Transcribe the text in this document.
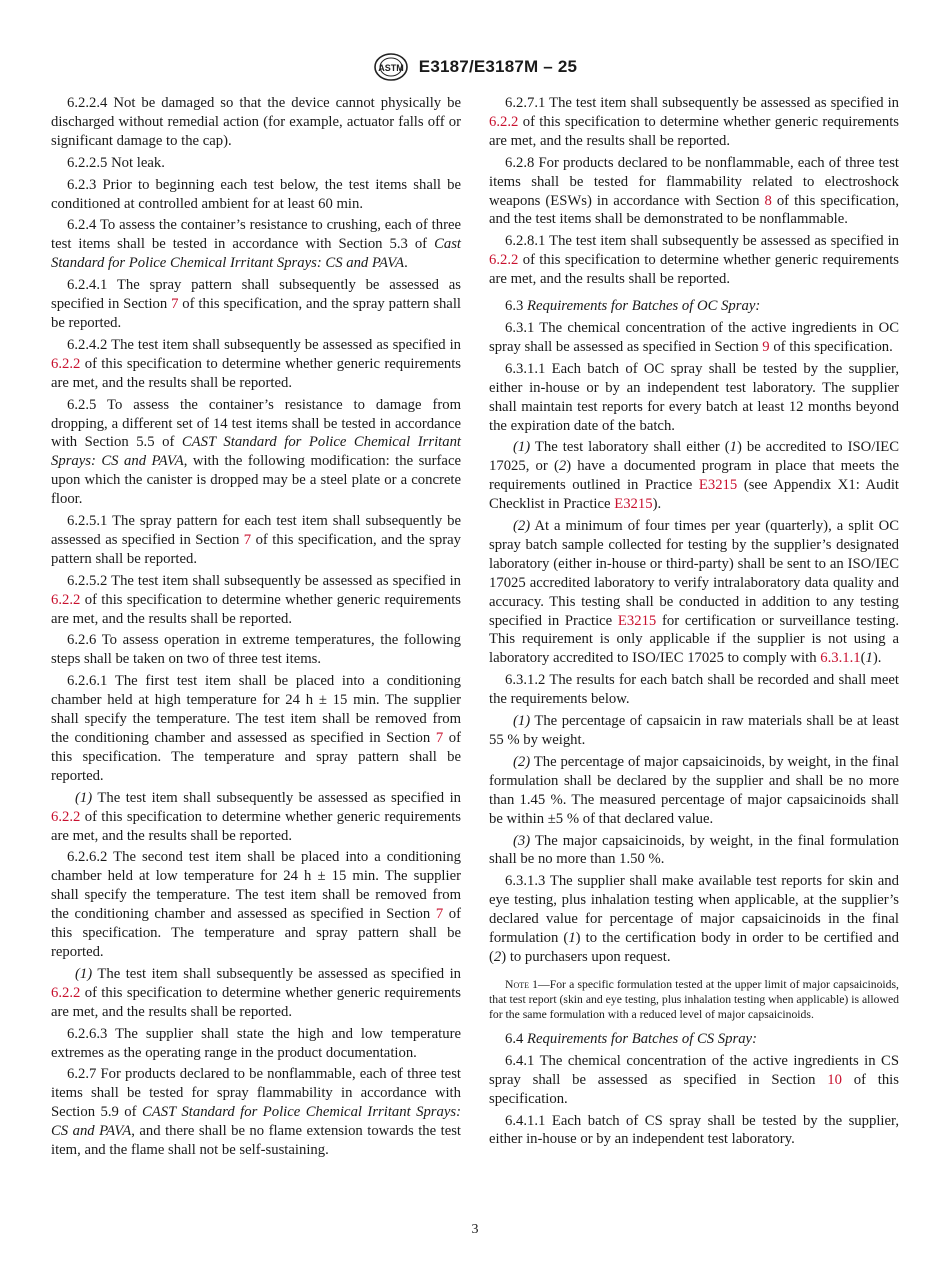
ASTM E3187/E3187M – 25

6.2.2.4 Not be damaged so that the device cannot physically be discharged without remedial action (for example, actuator falls off or significant damage to the cap).

6.2.2.5 Not leak.

6.2.3 Prior to beginning each test below, the test items shall be conditioned at controlled ambient for at least 60 min.

6.2.4 To assess the container’s resistance to crushing, each of three test items shall be tested in accordance with Section 5.3 of Cast Standard for Police Chemical Irritant Sprays: CS and PAVA.

6.2.4.1 The spray pattern shall subsequently be assessed as specified in Section 7 of this specification, and the spray pattern shall be reported.

6.2.4.2 The test item shall subsequently be assessed as specified in 6.2.2 of this specification to determine whether generic requirements are met, and the results shall be reported.

6.2.5 To assess the container’s resistance to damage from dropping, a different set of 14 test items shall be tested in accordance with Section 5.5 of CAST Standard for Police Chemical Irritant Sprays: CS and PAVA, with the following modification: the surface upon which the canister is dropped may be a steel plate or a concrete floor.

6.2.5.1 The spray pattern for each test item shall subsequently be assessed as specified in Section 7 of this specification, and the spray pattern shall be reported.

6.2.5.2 The test item shall subsequently be assessed as specified in 6.2.2 of this specification to determine whether generic requirements are met, and the results shall be reported.

6.2.6 To assess operation in extreme temperatures, the following steps shall be taken on two of three test items.

6.2.6.1 The first test item shall be placed into a conditioning chamber held at high temperature for 24 h ± 15 min. The supplier shall specify the temperature. The test item shall be removed from the conditioning chamber and assessed as specified in Section 7 of this specification. The temperature and spray pattern shall be reported.

(1) The test item shall subsequently be assessed as specified in 6.2.2 of this specification to determine whether generic requirements are met, and the results shall be reported.

6.2.6.2 The second test item shall be placed into a conditioning chamber held at low temperature for 24 h ± 15 min. The supplier shall specify the temperature. The test item shall be removed from the conditioning chamber and assessed as specified in Section 7 of this specification. The temperature and spray pattern shall be reported.

(1) The test item shall subsequently be assessed as specified in 6.2.2 of this specification to determine whether generic requirements are met, and the results shall be reported.

6.2.6.3 The supplier shall state the high and low temperature extremes as the operating range in the product documentation.

6.2.7 For products declared to be nonflammable, each of three test items shall be tested for spray flammability in accordance with Section 5.9 of CAST Standard for Police Chemical Irritant Sprays: CS and PAVA, and there shall be no flame extension towards the test item, and the flame shall not be self-sustaining.

6.2.7.1 The test item shall subsequently be assessed as specified in 6.2.2 of this specification to determine whether generic requirements are met, and the results shall be reported.

6.2.8 For products declared to be nonflammable, each of three test items shall be tested for flammability related to electroshock weapons (ESWs) in accordance with Section 8 of this specification, and the test items shall be demonstrated to be nonflammable.

6.2.8.1 The test item shall subsequently be assessed as specified in 6.2.2 of this specification to determine whether generic requirements are met, and the results shall be reported.

6.3 Requirements for Batches of OC Spray:

6.3.1 The chemical concentration of the active ingredients in OC spray shall be assessed as specified in Section 9 of this specification.

6.3.1.1 Each batch of OC spray shall be tested by the supplier, either in-house or by an independent test laboratory. The supplier shall maintain test reports for every batch at least 12 months beyond the expiration date of the batch.

(1) The test laboratory shall either (1) be accredited to ISO/IEC 17025, or (2) have a documented program in place that meets the requirements outlined in Practice E3215 (see Appendix X1: Audit Checklist in Practice E3215).

(2) At a minimum of four times per year (quarterly), a split OC spray batch sample collected for testing by the supplier’s designated laboratory (either in-house or third-party) shall be sent to an ISO/IEC 17025 accredited laboratory to verify intralaboratory data quality and accuracy. This testing shall be conducted in addition to any testing specified in Practice E3215 for certification or surveillance testing. This requirement is only applicable if the supplier is not using a laboratory accredited to ISO/IEC 17025 to comply with 6.3.1.1(1).

6.3.1.2 The results for each batch shall be recorded and shall meet the requirements below.

(1) The percentage of capsaicin in raw materials shall be at least 55 % by weight.

(2) The percentage of major capsaicinoids, by weight, in the final formulation shall be declared by the supplier and shall be no more than 1.45 %. The measured percentage of major capsaicinoids shall be within ±5 % of that declared value.

(3) The major capsaicinoids, by weight, in the final formulation shall be no more than 1.50 %.

6.3.1.3 The supplier shall make available test reports for skin and eye testing, plus inhalation testing when applicable, at the supplier’s declared value for percentage of major capsaicinoids in the final formulation (1) to the certification body in order to be certified and (2) to purchasers upon request.

Note 1—For a specific formulation tested at the upper limit of major capsaicinoids, that test report (skin and eye testing, plus inhalation testing when applicable) is allowed for the same formulation with a reduced level of major capsaicinoids.

6.4 Requirements for Batches of CS Spray:

6.4.1 The chemical concentration of the active ingredients in CS spray shall be assessed as specified in Section 10 of this specification.

6.4.1.1 Each batch of CS spray shall be tested by the supplier, either in-house or by an independent test laboratory.

3
